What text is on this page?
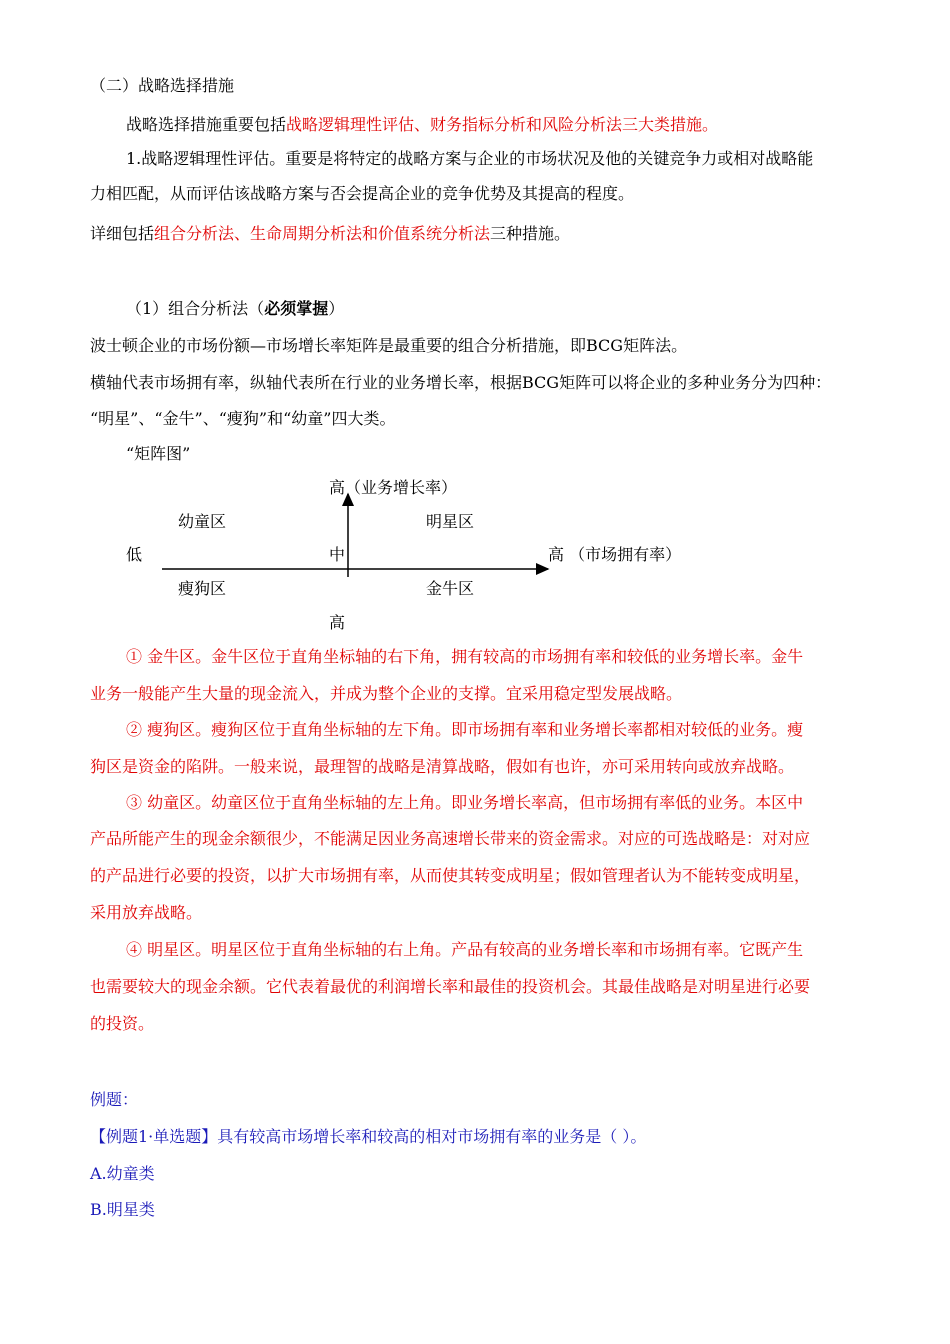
（二）战略选择措施
战略选择措施重要包括战略逻辑理性评估、财务指标分析和风险分析法三大类措施。
1.战略逻辑理性评估。重要是将特定的战略方案与企业的市场状况及他的关键竞争力或相对战略能
力相匹配，从而评估该战略方案与否会提高企业的竞争优势及其提高的程度。
详细包括组合分析法、生命周期分析法和价值系统分析法三种措施。
（1）组合分析法（必须掌握）
波士顿企业的市场份额—市场增长率矩阵是最重要的组合分析措施，即BCG矩阵法。
横轴代表市场拥有率，纵轴代表所在行业的业务增长率，根据BCG矩阵可以将企业的多种业务分为四种：
“明星”、“金牛”、“瘦狗”和“幼童”四大类。
“矩阵图”
高（业务增长率）
幼童区	明星区
低	中	高 （市场拥有率）
瘦狗区	金牛区
高
① 金牛区。金牛区位于直角坐标轴的右下角，拥有较高的市场拥有率和较低的业务增长率。金牛
业务一般能产生大量的现金流入，并成为整个企业的支撑。宜采用稳定型发展战略。
② 瘦狗区。瘦狗区位于直角坐标轴的左下角。即市场拥有率和业务增长率都相对较低的业务。瘦
狗区是资金的陷阱。一般来说，最理智的战略是清算战略，假如有也许，亦可采用转向或放弃战略。
③ 幼童区。幼童区位于直角坐标轴的左上角。即业务增长率高，但市场拥有率低的业务。本区中
产品所能产生的现金余额很少，不能满足因业务高速增长带来的资金需求。对应的可选战略是：对对应
的产品进行必要的投资，以扩大市场拥有率，从而使其转变成明星；假如管理者认为不能转变成明星，
采用放弃战略。
④ 明星区。明星区位于直角坐标轴的右上角。产品有较高的业务增长率和市场拥有率。它既产生
也需要较大的现金余额。它代表着最优的利润增长率和最佳的投资机会。其最佳战略是对明星进行必要
的投资。
例题：
【例题1·单选题】具有较高市场增长率和较高的相对市场拥有率的业务是（ ）。
A.幼童类
B.明星类
